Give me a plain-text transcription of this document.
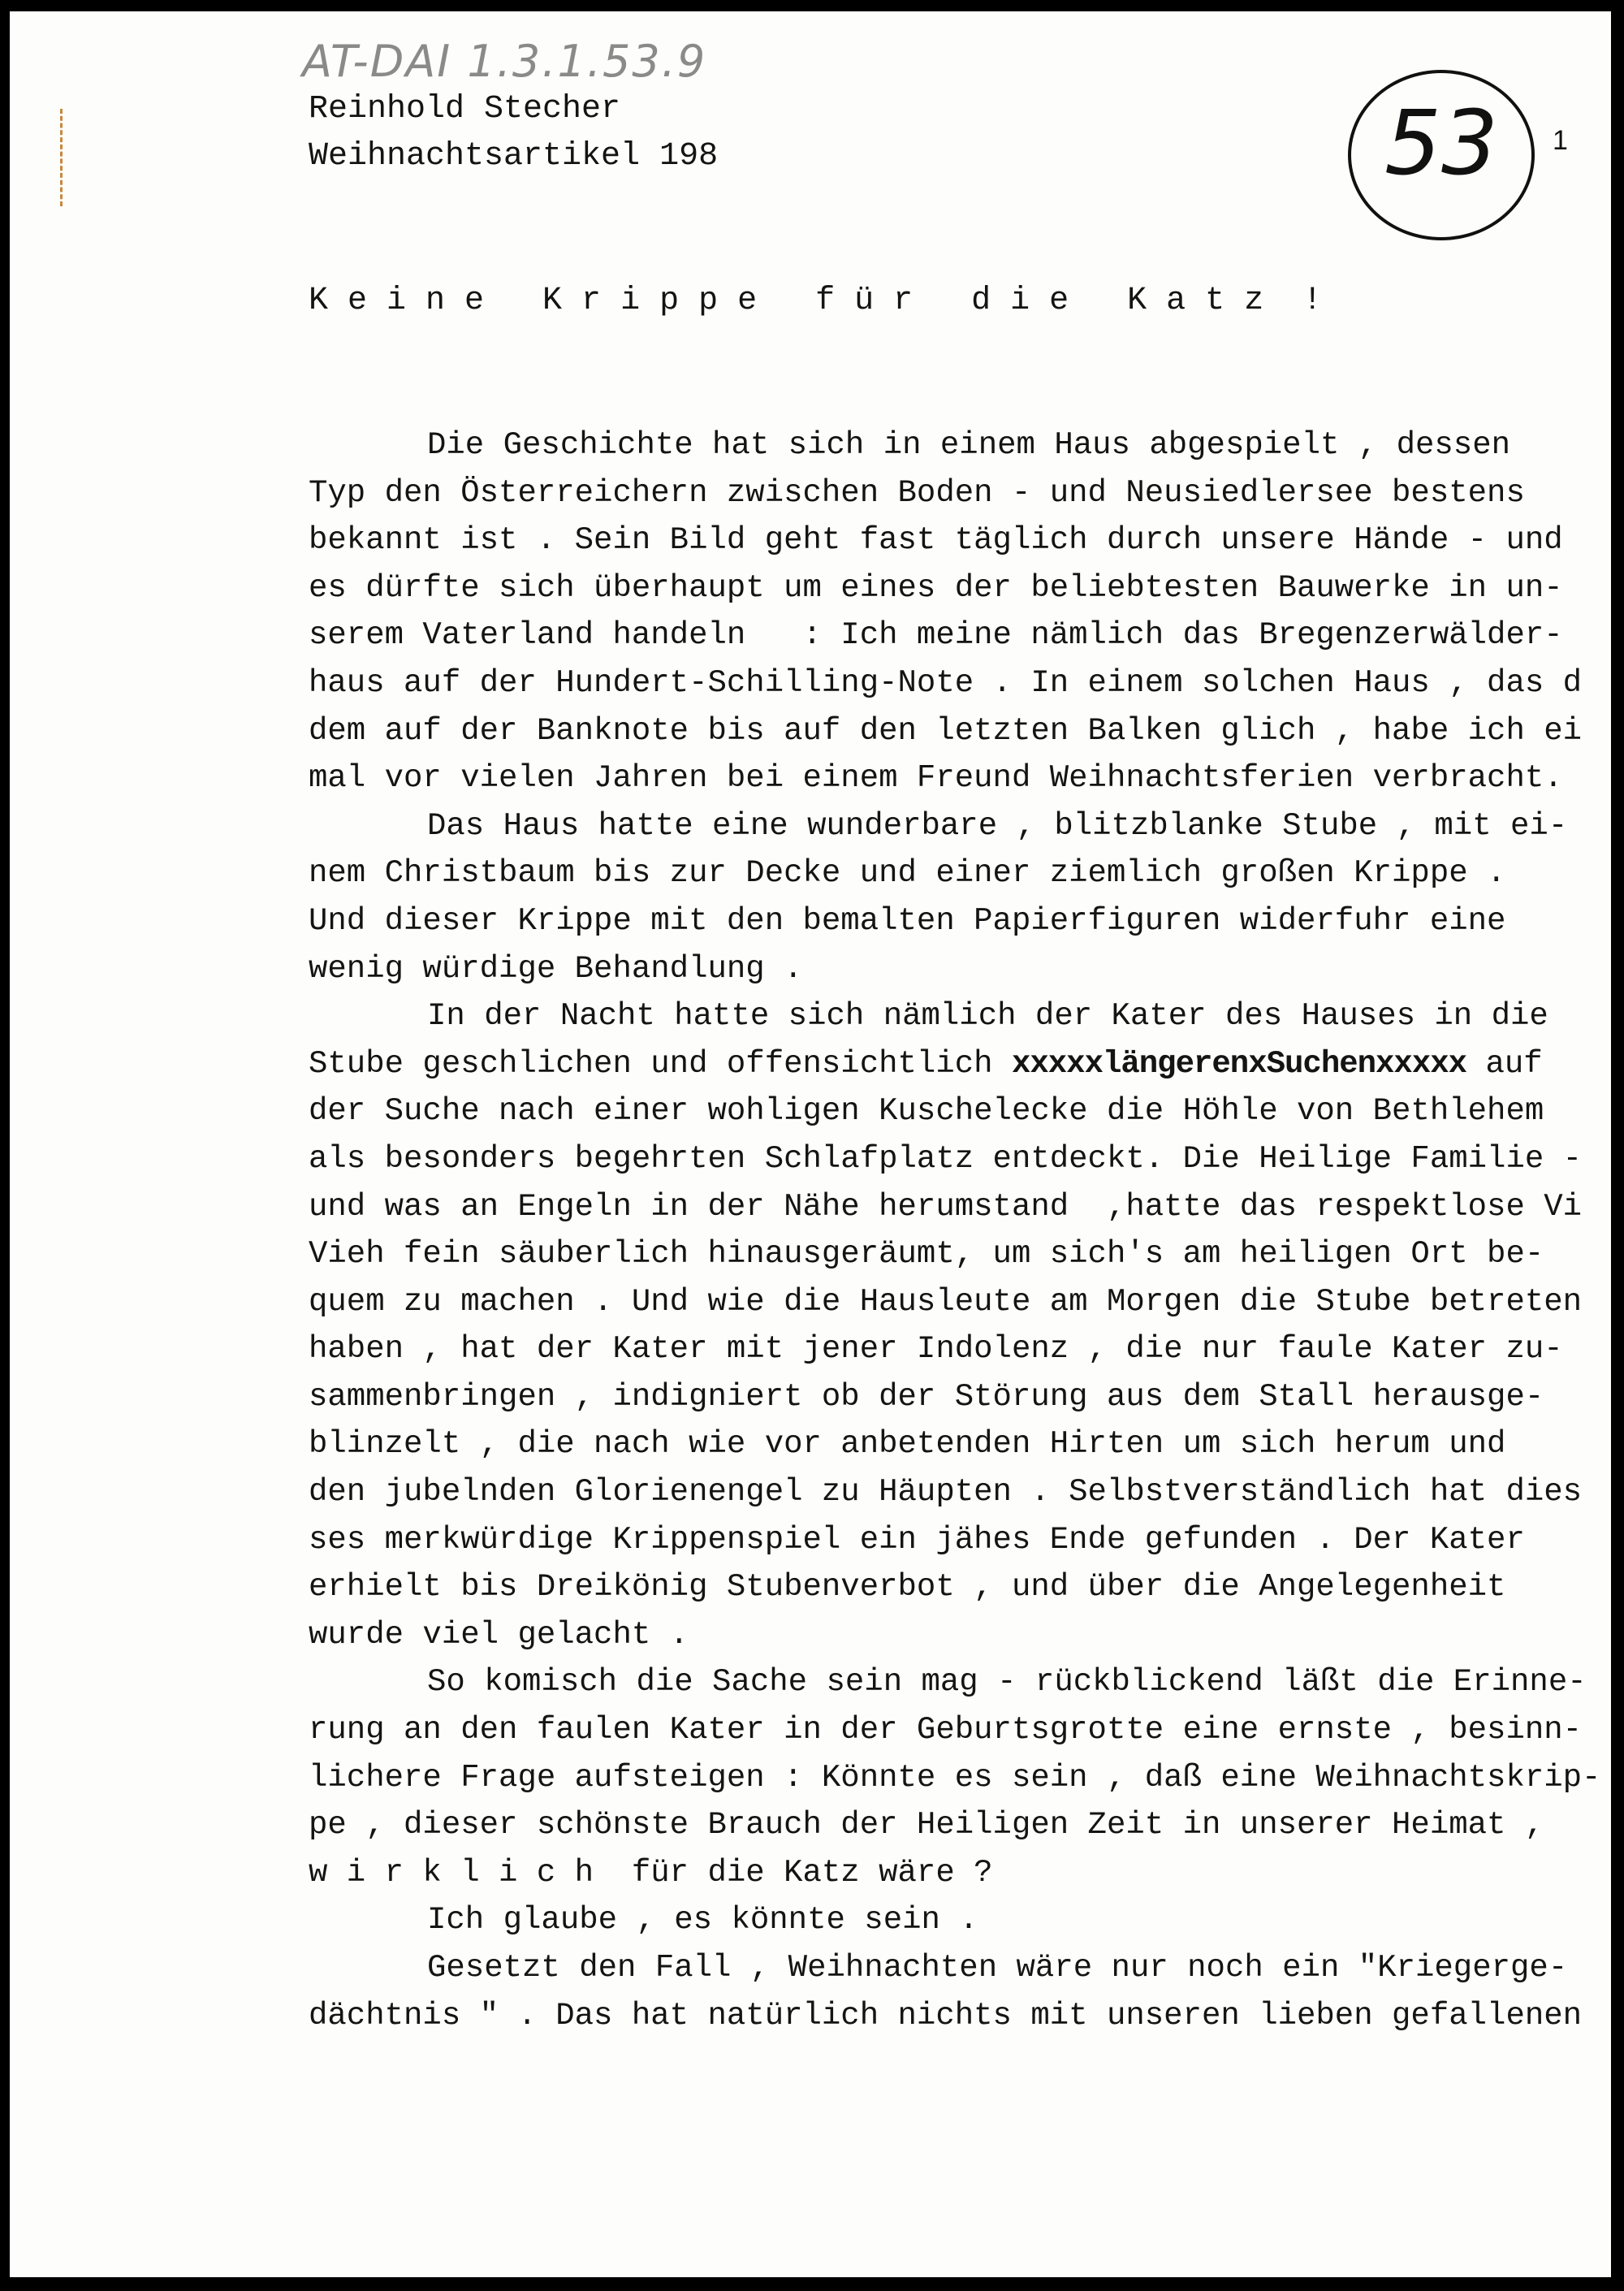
AT-DAI 1.3.1.53.9

Reinhold Stecher

Weihnachtsartikel 198	53	1

K e i n e   K r i p p e   f ü r   d i e   K a t z  !

Die Geschichte hat sich in einem Haus abgespielt , dessen
Typ den Österreichern zwischen Boden - und Neusiedlersee bestens
bekannt ist . Sein Bild geht fast täglich durch unsere Hände - und
es dürfte sich überhaupt um eines der beliebtesten Bauwerke in un-
serem Vaterland handeln   : Ich meine nämlich das Bregenzerwälder-
haus auf der Hundert-Schilling-Note . In einem solchen Haus , das d
dem auf der Banknote bis auf den letzten Balken glich , habe ich ei
mal vor vielen Jahren bei einem Freund Weihnachtsferien verbracht.
Das Haus hatte eine wunderbare , blitzblanke Stube , mit ei-
nem Christbaum bis zur Decke und einer ziemlich großen Krippe .
Und dieser Krippe mit den bemalten Papierfiguren widerfuhr eine
wenig würdige Behandlung .
In der Nacht hatte sich nämlich der Kater des Hauses in die
Stube geschlichen und offensichtlich xxxxxlängerenxSuchenxxxxx auf
der Suche nach einer wohligen Kuschelecke die Höhle von Bethlehem
als besonders begehrten Schlafplatz entdeckt. Die Heilige Familie -
und was an Engeln in der Nähe herumstand  ,hatte das respektlose Vi
Vieh fein säuberlich hinausgeräumt, um sich's am heiligen Ort be-
quem zu machen . Und wie die Hausleute am Morgen die Stube betreten
haben , hat der Kater mit jener Indolenz , die nur faule Kater zu-
sammenbringen , indigniert ob der Störung aus dem Stall herausge-
blinzelt , die nach wie vor anbetenden Hirten um sich herum und
den jubelnden Glorienengel zu Häupten . Selbstverständlich hat dies
ses merkwürdige Krippenspiel ein jähes Ende gefunden . Der Kater
erhielt bis Dreikönig Stubenverbot , und über die Angelegenheit
wurde viel gelacht .
So komisch die Sache sein mag - rückblickend läßt die Erinne-
rung an den faulen Kater in der Geburtsgrotte eine ernste , besinn-
lichere Frage aufsteigen : Könnte es sein , daß eine Weihnachtskrip-
pe , dieser schönste Brauch der Heiligen Zeit in unserer Heimat ,
w i r k l i c h  für die Katz wäre ?
Ich glaube , es könnte sein .
Gesetzt den Fall , Weihnachten wäre nur noch ein "Kriegerge-
dächtnis " . Das hat natürlich nichts mit unseren lieben gefallenen
